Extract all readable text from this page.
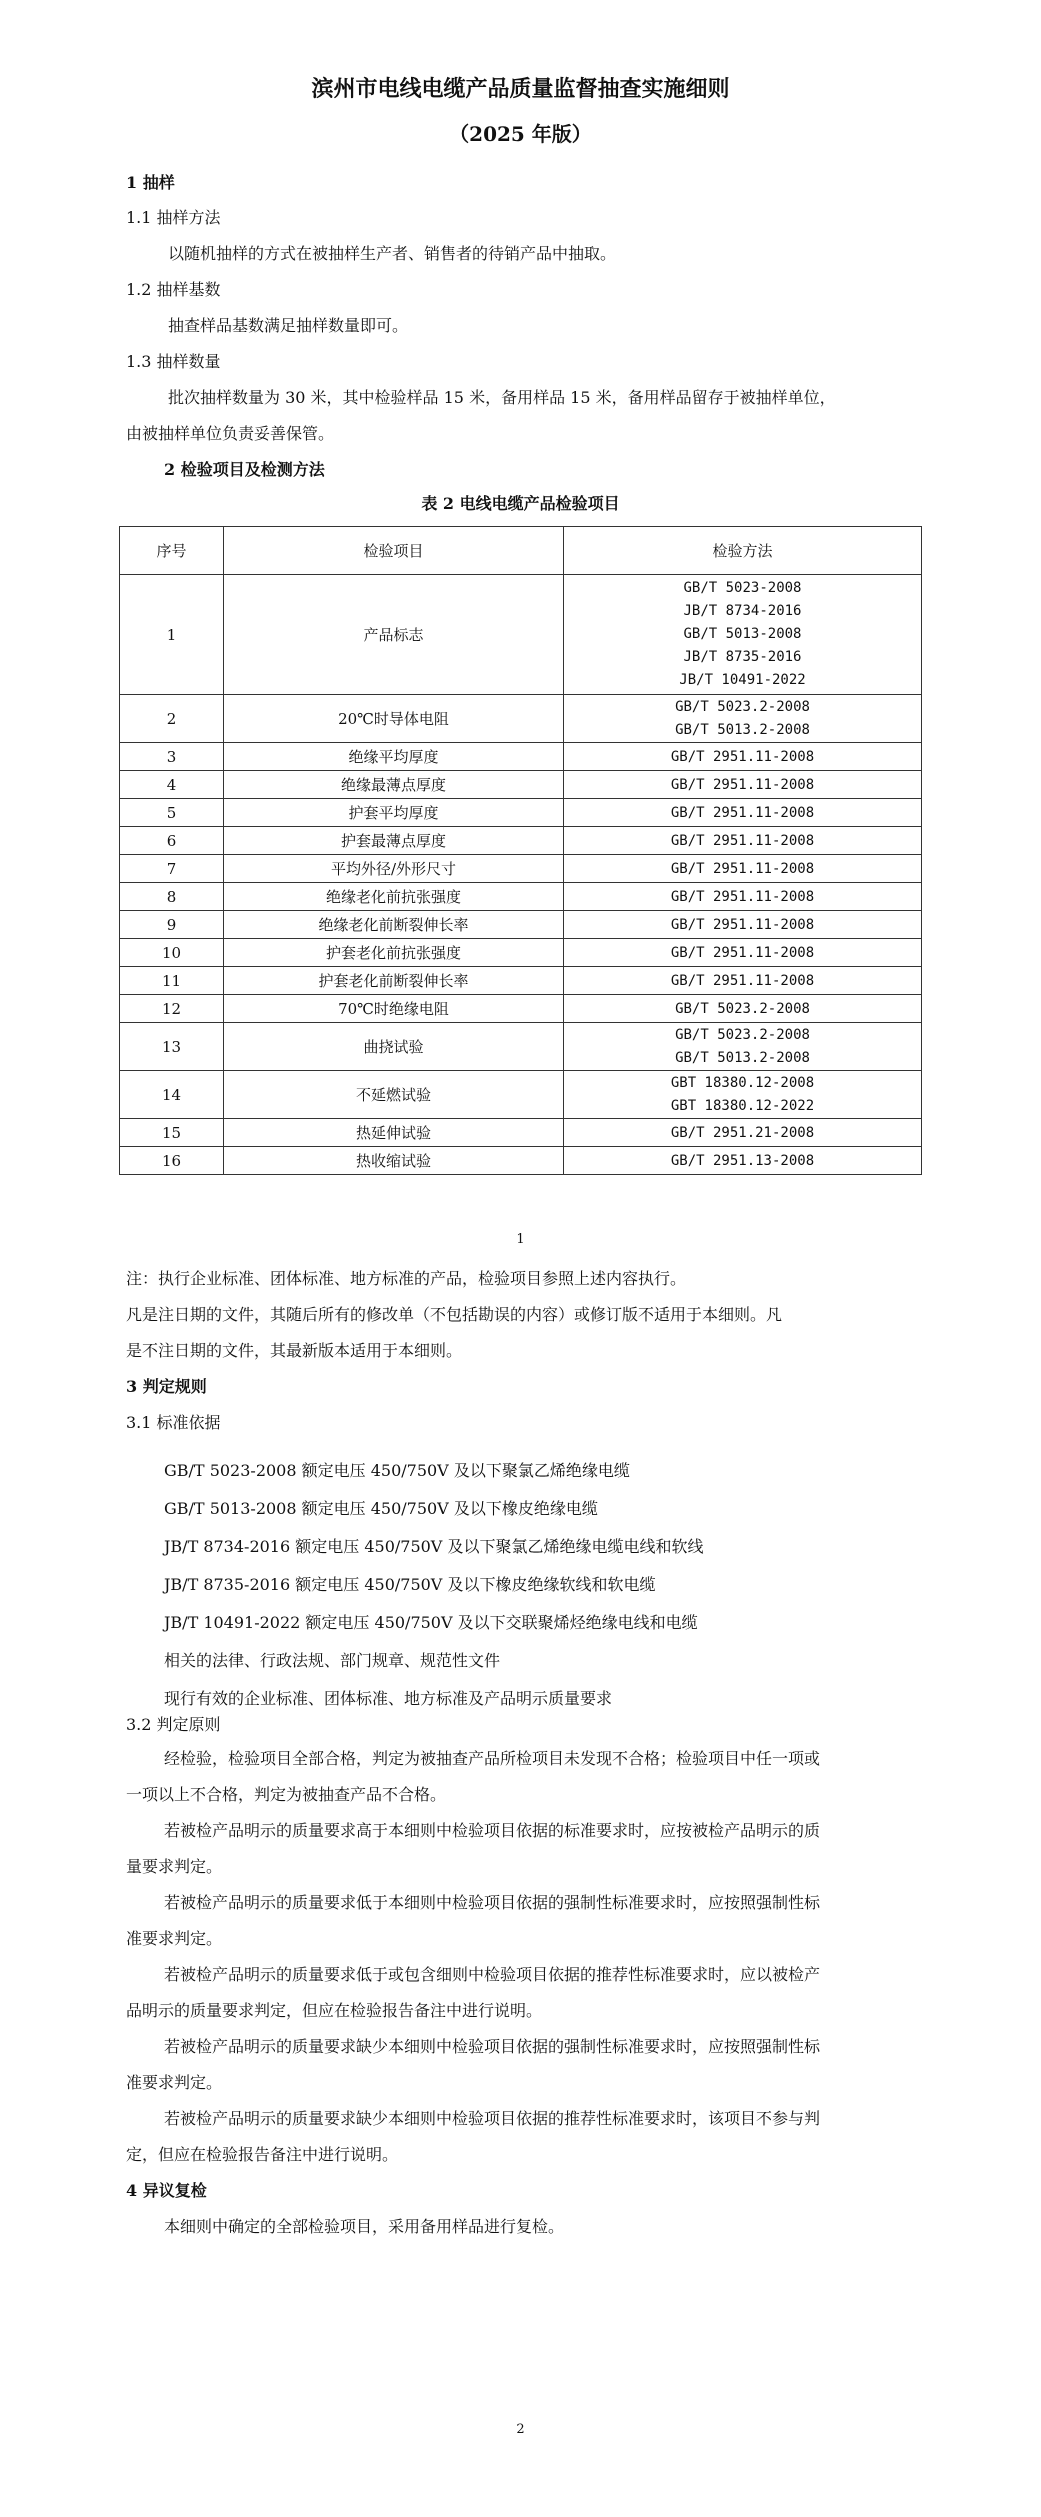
滨州市电线电缆产品质量监督抽查实施细则
（2025 年版）
1 抽样
1.1 抽样方法
以随机抽样的方式在被抽样生产者、销售者的待销产品中抽取。
1.2 抽样基数
抽查样品基数满足抽样数量即可。
1.3 抽样数量
批次抽样数量为 30 米，其中检验样品 15 米，备用样品 15 米，备用样品留存于被抽样单位，
由被抽样单位负责妥善保管。
2 检验项目及检测方法
表 2 电线电缆产品检验项目
序号	检验项目	检验方法
1	产品标志	GB/T 5023-2008
JB/T 8734-2016
GB/T 5013-2008
JB/T 8735-2016
JB/T 10491-2022

2	20℃时导体电阻	GB/T 5023.2-2008
GB/T 5013.2-2008

3	绝缘平均厚度	GB/T 2951.11-2008

4	绝缘最薄点厚度	GB/T 2951.11-2008

5	护套平均厚度	GB/T 2951.11-2008

6	护套最薄点厚度	GB/T 2951.11-2008

7	平均外径/外形尺寸	GB/T 2951.11-2008

8	绝缘老化前抗张强度	GB/T 2951.11-2008

9	绝缘老化前断裂伸长率	GB/T 2951.11-2008

10	护套老化前抗张强度	GB/T 2951.11-2008

11	护套老化前断裂伸长率	GB/T 2951.11-2008

12	70℃时绝缘电阻	GB/T 5023.2-2008

13	曲挠试验	GB/T 5023.2-2008
GB/T 5013.2-2008

14	不延燃试验	GBT 18380.12-2008
GBT 18380.12-2022

15	热延伸试验	GB/T 2951.21-2008

16	热收缩试验	GB/T 2951.13-2008
1
注：执行企业标准、团体标准、地方标准的产品，检验项目参照上述内容执行。
凡是注日期的文件，其随后所有的修改单（不包括勘误的内容）或修订版不适用于本细则。凡
是不注日期的文件，其最新版本适用于本细则。
3 判定规则
3.1 标准依据
GB/T 5023-2008 额定电压 450/750V 及以下聚氯乙烯绝缘电缆
GB/T 5013-2008 额定电压 450/750V 及以下橡皮绝缘电缆
JB/T 8734-2016 额定电压 450/750V 及以下聚氯乙烯绝缘电缆电线和软线
JB/T 8735-2016 额定电压 450/750V 及以下橡皮绝缘软线和软电缆
JB/T 10491-2022 额定电压 450/750V 及以下交联聚烯烃绝缘电线和电缆
相关的法律、行政法规、部门规章、规范性文件
现行有效的企业标准、团体标准、地方标准及产品明示质量要求
3.2 判定原则
经检验，检验项目全部合格，判定为被抽查产品所检项目未发现不合格；检验项目中任一项或
一项以上不合格，判定为被抽查产品不合格。
若被检产品明示的质量要求高于本细则中检验项目依据的标准要求时，应按被检产品明示的质
量要求判定。
若被检产品明示的质量要求低于本细则中检验项目依据的强制性标准要求时，应按照强制性标
准要求判定。
若被检产品明示的质量要求低于或包含细则中检验项目依据的推荐性标准要求时，应以被检产
品明示的质量要求判定，但应在检验报告备注中进行说明。
若被检产品明示的质量要求缺少本细则中检验项目依据的强制性标准要求时，应按照强制性标
准要求判定。
若被检产品明示的质量要求缺少本细则中检验项目依据的推荐性标准要求时，该项目不参与判
定，但应在检验报告备注中进行说明。
4 异议复检
本细则中确定的全部检验项目，采用备用样品进行复检。
2
